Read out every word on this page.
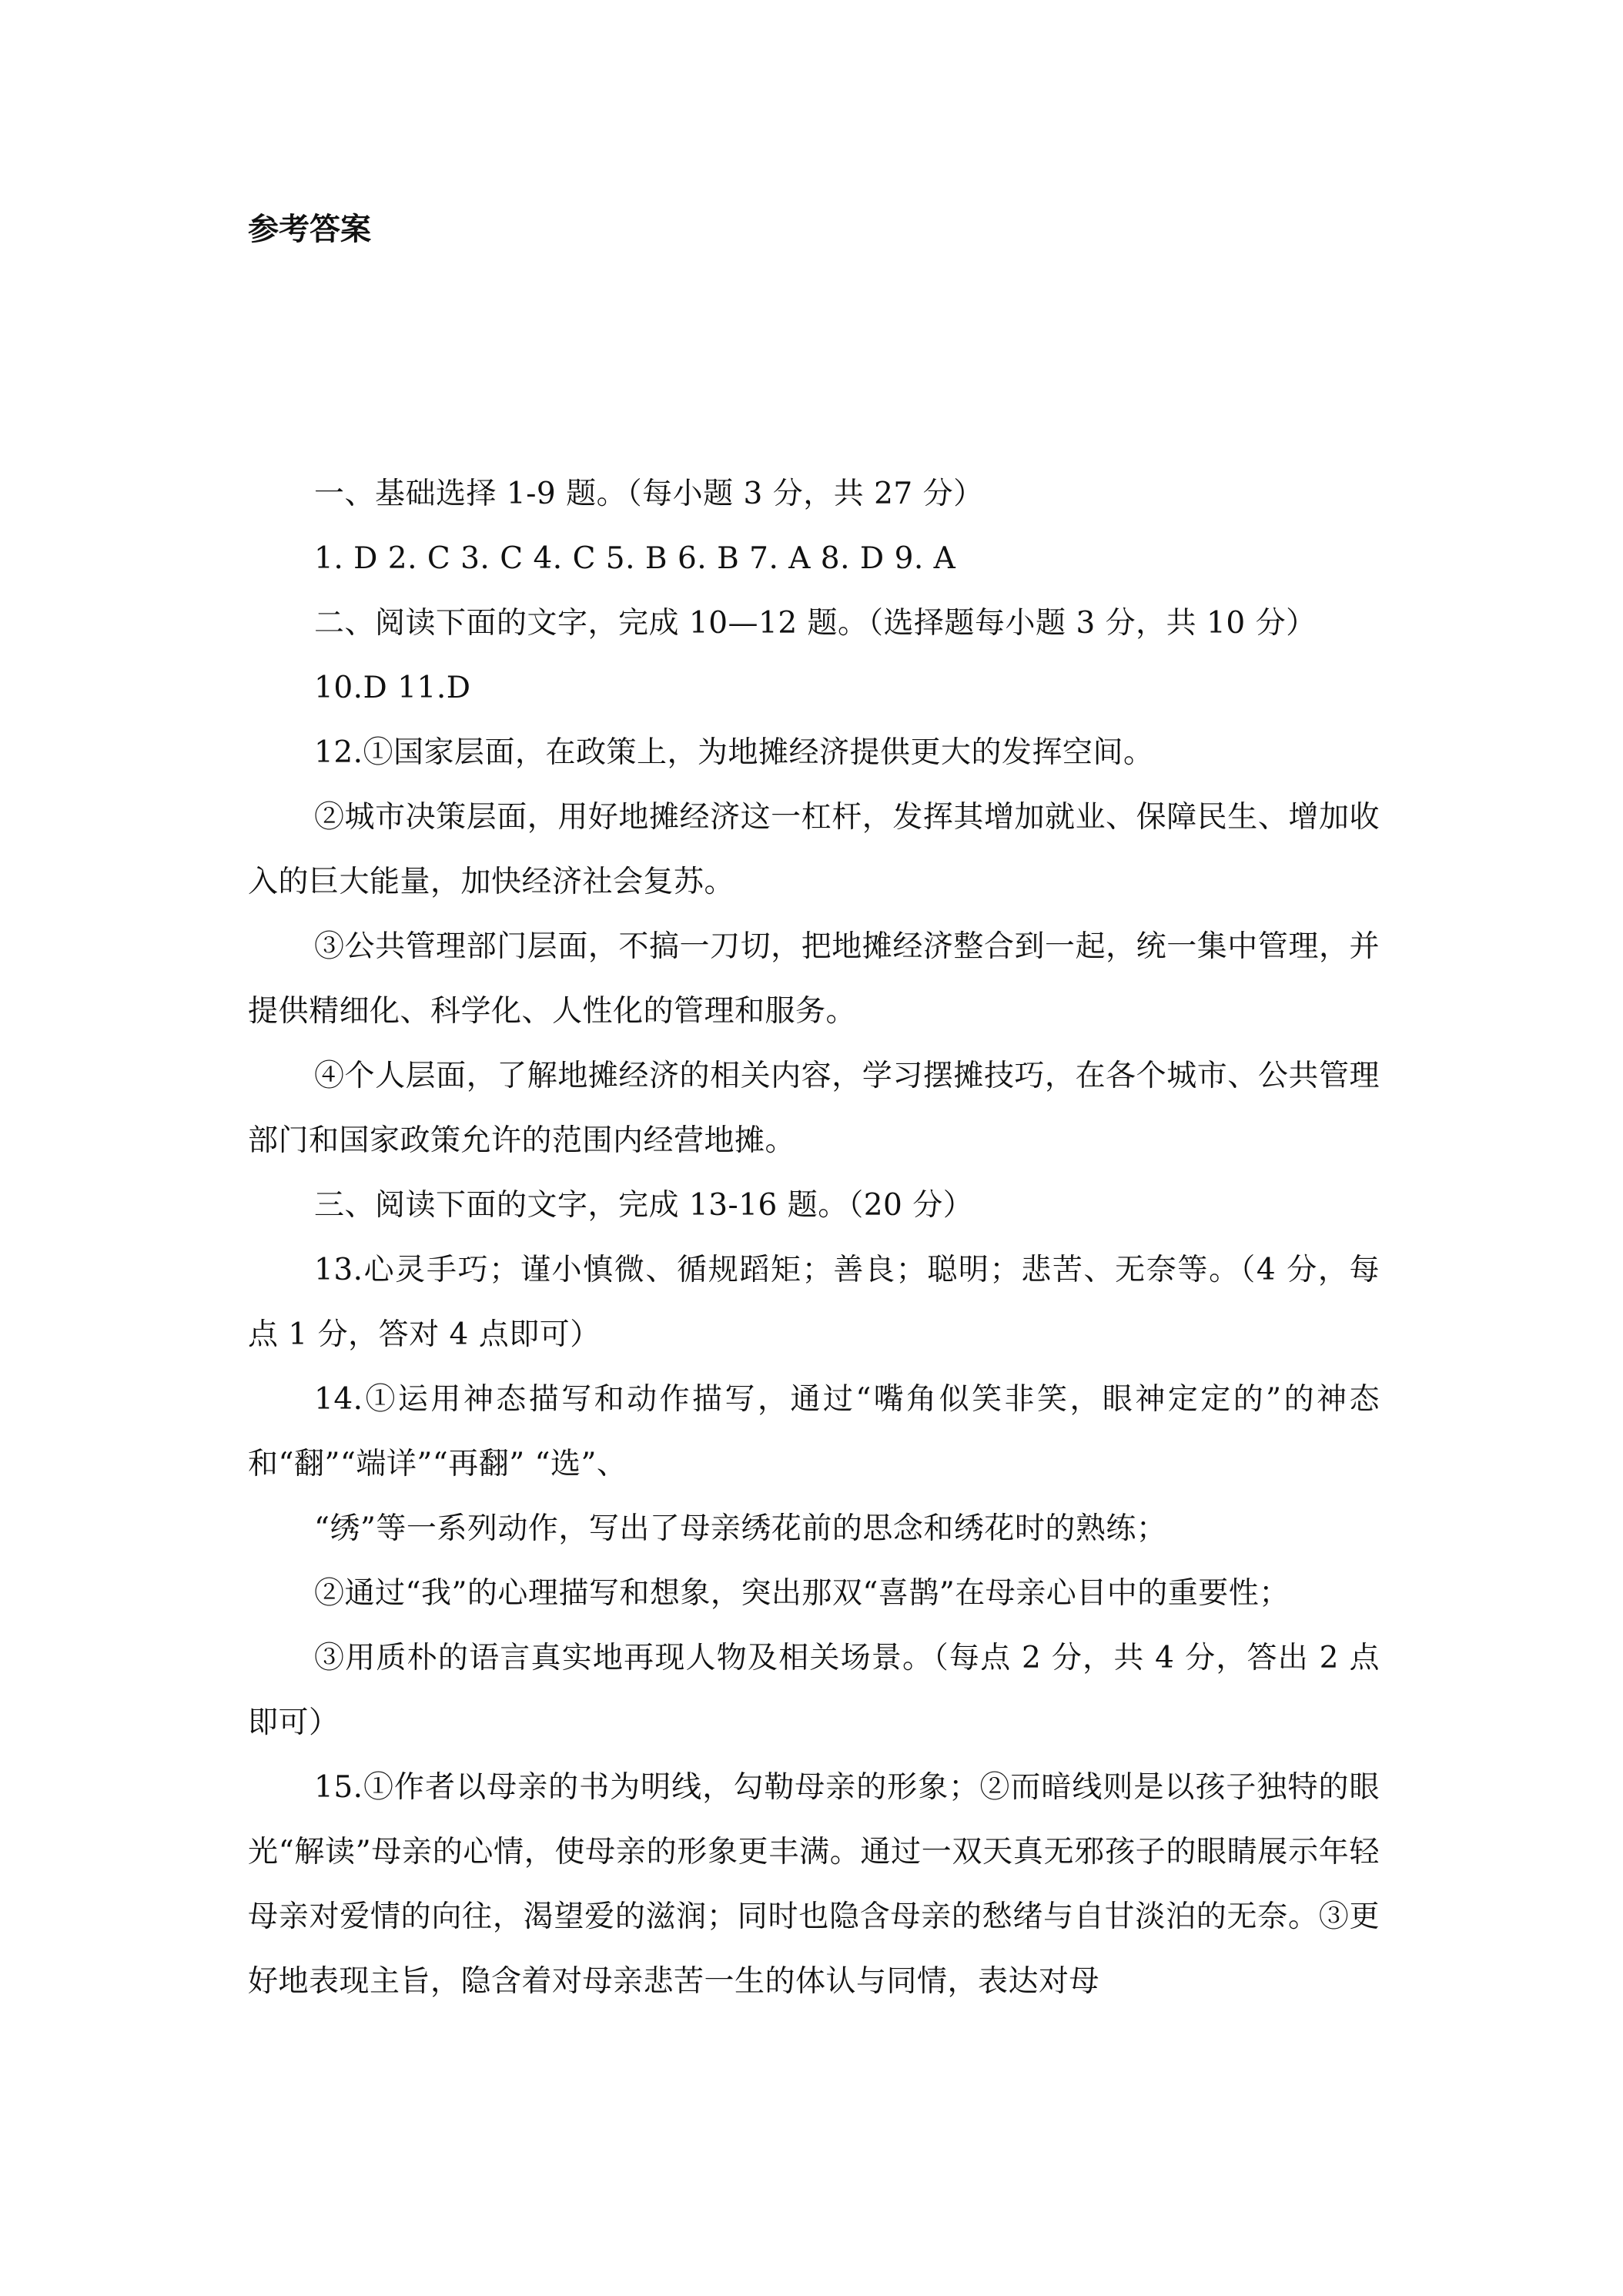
参考答案

一、基础选择 1-9 题。（每小题 3 分，共 27 分）

1. D 2. C 3. C 4. C 5. B 6. B 7. A 8. D 9. A

二、阅读下面的文字，完成 10—12 题。（选择题每小题 3 分，共 10 分）

10.D 11.D

12.①国家层面，在政策上，为地摊经济提供更大的发挥空间。

②城市决策层面，用好地摊经济这一杠杆，发挥其增加就业、保障民生、增加收入的巨大能量，加快经济社会复苏。

③公共管理部门层面，不搞一刀切，把地摊经济整合到一起，统一集中管理，并提供精细化、科学化、人性化的管理和服务。

④个人层面，了解地摊经济的相关内容，学习摆摊技巧，在各个城市、公共管理部门和国家政策允许的范围内经营地摊。

三、阅读下面的文字，完成 13-16 题。（20 分）

13.心灵手巧；谨小慎微、循规蹈矩；善良；聪明；悲苦、无奈等。（4 分，每点 1 分，答对 4 点即可）

14.①运用神态描写和动作描写，通过“嘴角似笑非笑，眼神定定的”的神态和“翻”“端详”“再翻” “选”、

“绣”等一系列动作，写出了母亲绣花前的思念和绣花时的熟练；

②通过“我”的心理描写和想象，突出那双“喜鹊”在母亲心目中的重要性；

③用质朴的语言真实地再现人物及相关场景。（每点 2 分，共 4 分，答出 2 点即可）

15.①作者以母亲的书为明线，勾勒母亲的形象；②而暗线则是以孩子独特的眼光“解读”母亲的心情，使母亲的形象更丰满。通过一双天真无邪孩子的眼睛展示年轻母亲对爱情的向往，渴望爱的滋润；同时也隐含母亲的愁绪与自甘淡泊的无奈。③更好地表现主旨，隐含着对母亲悲苦一生的体认与同情，表达对母
